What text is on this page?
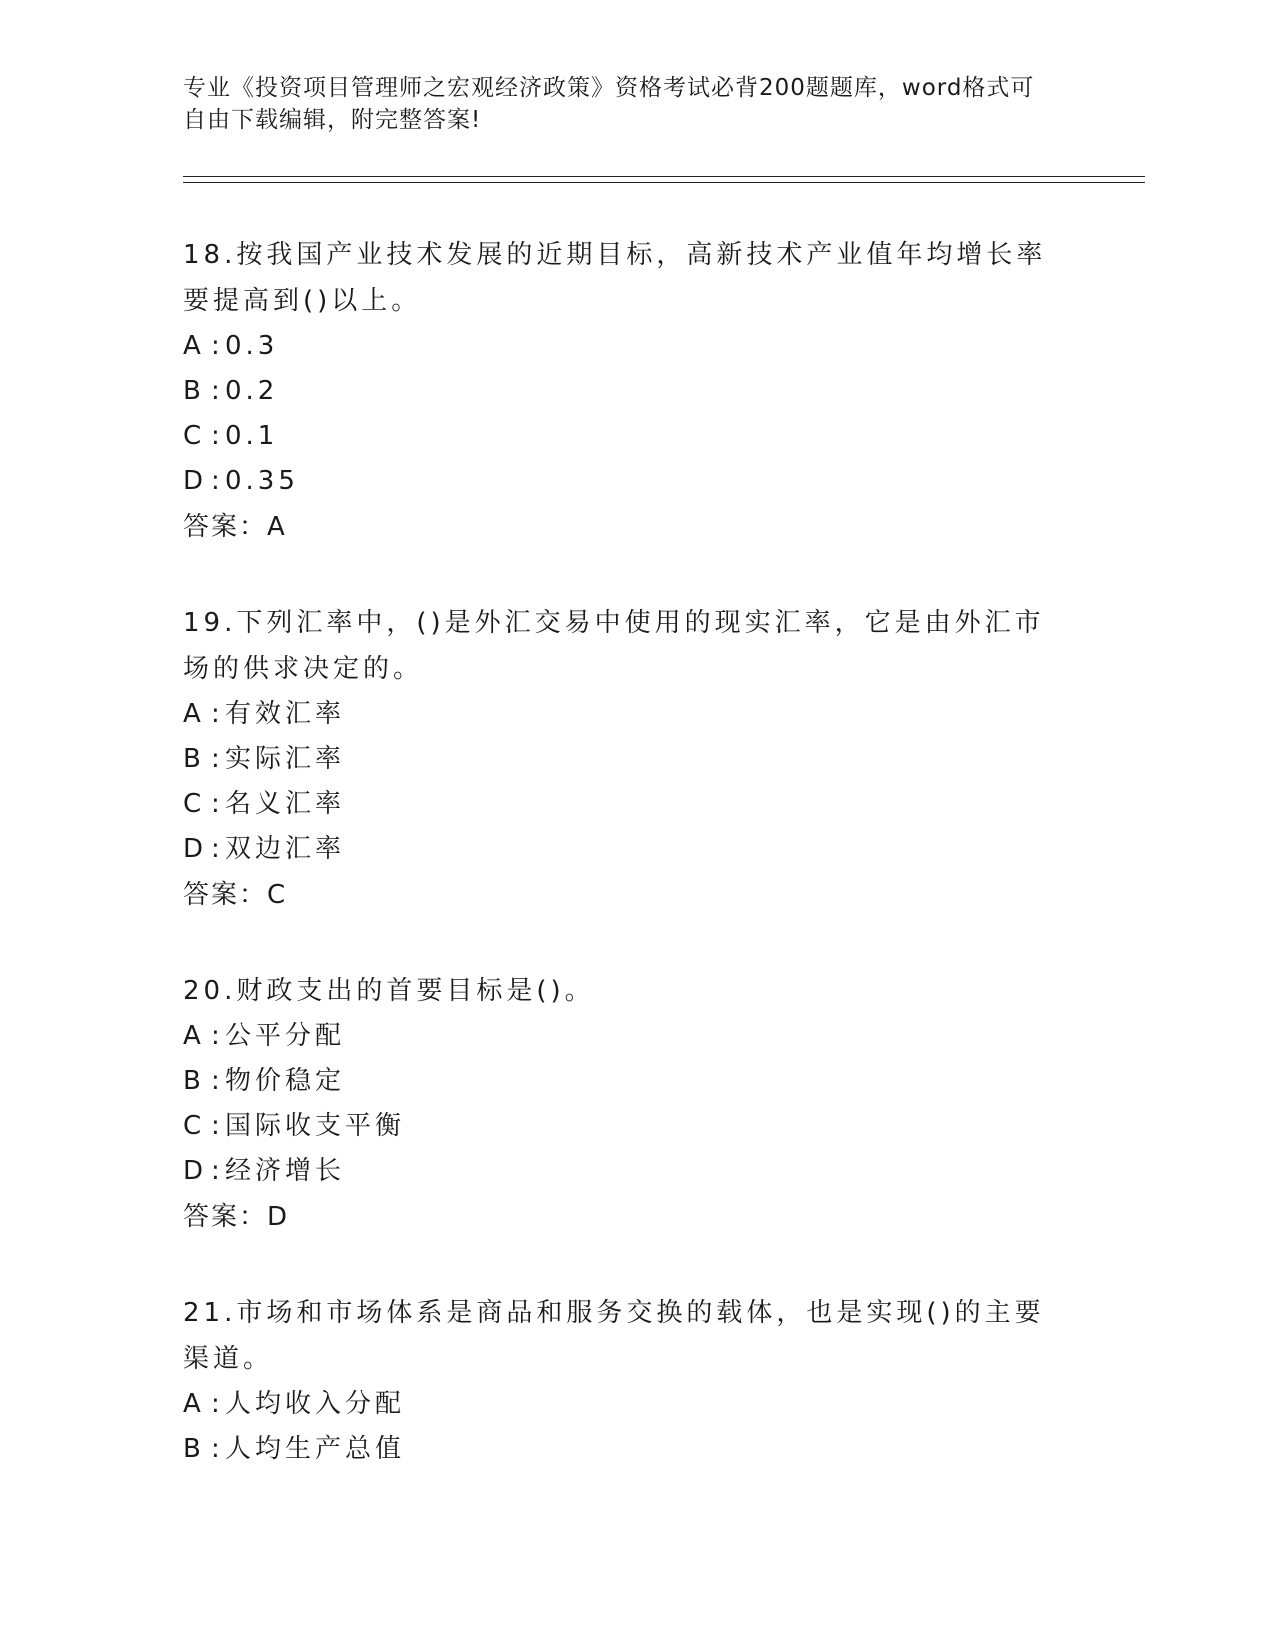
专业《投资项目管理师之宏观经济政策》资格考试必背200题题库，word格式可
自由下载编辑，附完整答案!

18.按我国产业技术发展的近期目标，高新技术产业值年均增长率要提高到()以上。

A :0.3

B :0.2

C :0.1

D :0.35

答案：A

19.下列汇率中，()是外汇交易中使用的现实汇率，它是由外汇市场的供求决定的。

A :有效汇率

B :实际汇率

C :名义汇率

D :双边汇率

答案：C

20.财政支出的首要目标是()。

A :公平分配

B :物价稳定

C :国际收支平衡

D :经济增长

答案：D

21.市场和市场体系是商品和服务交换的载体，也是实现()的主要渠道。

A :人均收入分配

B :人均生产总值
